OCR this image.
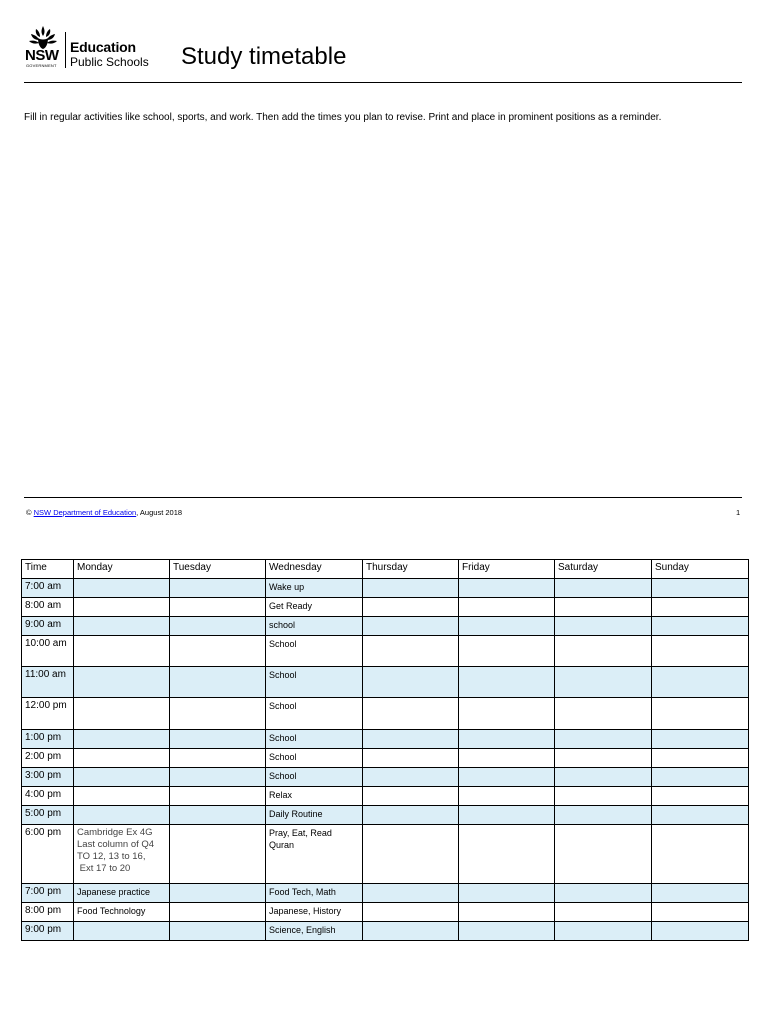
NSW
GOVERNMENT
Education
Public Schools Study timetable
Fill in regular activities like school, sports, and work. Then add the times you plan to revise. Print and place in prominent positions as a reminder.
© NSW Department of Education, August 2018	1
Time	Monday	Tuesday	Wednesday	Thursday	Friday	Saturday	Sunday
7:00 am			Wake up				
8:00 am			Get Ready				
9:00 am			school				
10:00 am			School				
11:00 am			School				
12:00 pm			School				
1:00 pm			School				
2:00 pm			School				
3:00 pm			School				
4:00 pm			Relax				
5:00 pm			Daily Routine				
6:00 pm	Cambridge Ex 4G
Last column of Q4
TO 12, 13 to 16,
Ext 17 to 20		Pray, Eat, Read Quran				
7:00 pm	Japanese practice		Food Tech, Math				
8:00 pm	Food Technology		Japanese, History				
9:00 pm			Science, English				
